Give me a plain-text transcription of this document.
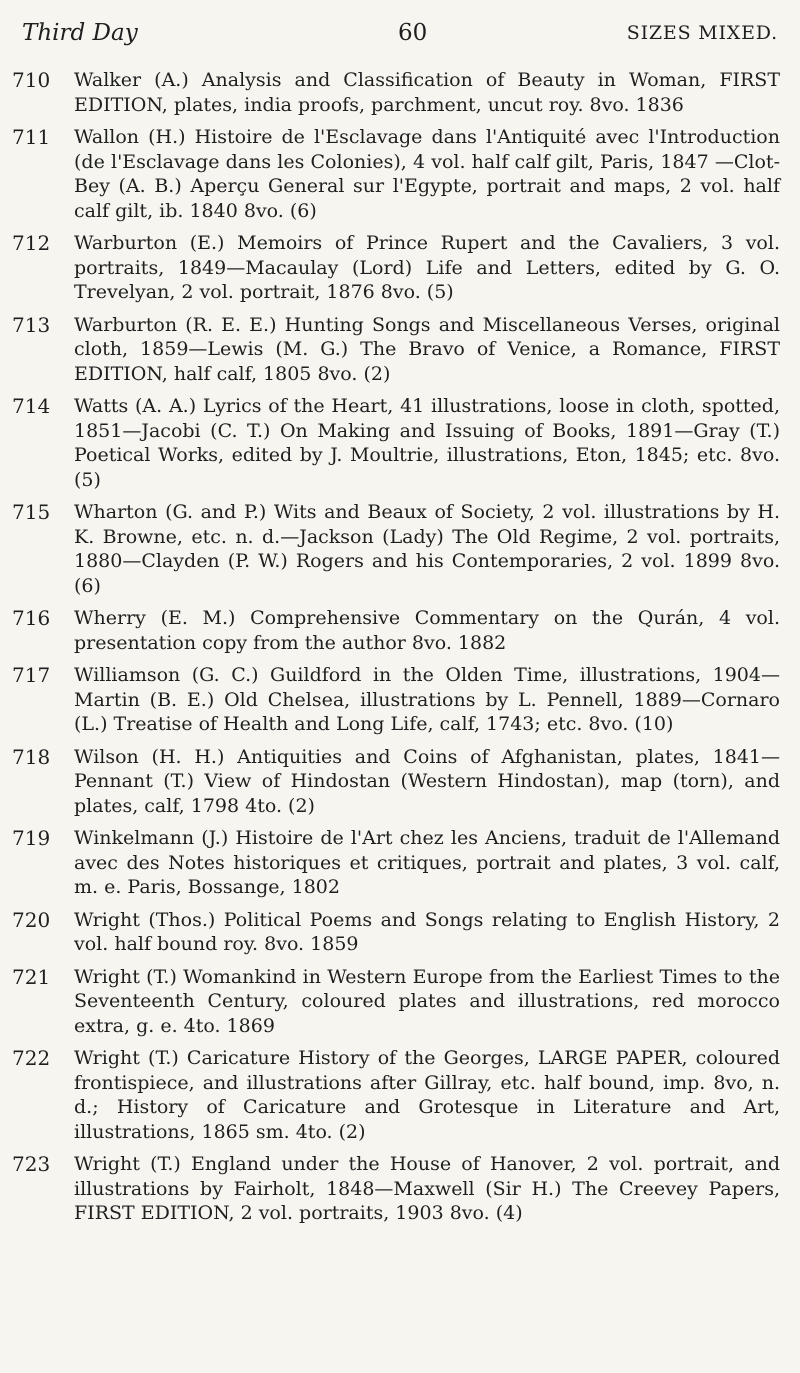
Third Day	60	SIZES MIXED.
710 Walker (A.) Analysis and Classification of Beauty in Woman, FIRST EDITION, plates, india proofs, parchment, uncut roy. 8vo. 1836
711 Wallon (H.) Histoire de l'Esclavage dans l'Antiquité avec l'Introduction (de l'Esclavage dans les Colonies), 4 vol. half calf gilt, Paris, 1847 —Clot-Bey (A. B.) Aperçu General sur l'Egypte, portrait and maps, 2 vol. half calf gilt, ib. 1840 8vo. (6)
712 Warburton (E.) Memoirs of Prince Rupert and the Cavaliers, 3 vol. portraits, 1849—Macaulay (Lord) Life and Letters, edited by G. O. Trevelyan, 2 vol. portrait, 1876 8vo. (5)
713 Warburton (R. E. E.) Hunting Songs and Miscellaneous Verses, original cloth, 1859—Lewis (M. G.) The Bravo of Venice, a Romance, FIRST EDITION, half calf, 1805 8vo. (2)
714 Watts (A. A.) Lyrics of the Heart, 41 illustrations, loose in cloth, spotted, 1851—Jacobi (C. T.) On Making and Issuing of Books, 1891—Gray (T.) Poetical Works, edited by J. Moultrie, illustrations, Eton, 1845; etc. 8vo. (5)
715 Wharton (G. and P.) Wits and Beaux of Society, 2 vol. illustrations by H. K. Browne, etc. n. d.—Jackson (Lady) The Old Regime, 2 vol. portraits, 1880—Clayden (P. W.) Rogers and his Contemporaries, 2 vol. 1899 8vo. (6)
716 Wherry (E. M.) Comprehensive Commentary on the Qurán, 4 vol. presentation copy from the author 8vo. 1882
717 Williamson (G. C.) Guildford in the Olden Time, illustrations, 1904—Martin (B. E.) Old Chelsea, illustrations by L. Pennell, 1889—Cornaro (L.) Treatise of Health and Long Life, calf, 1743; etc. 8vo. (10)
718 Wilson (H. H.) Antiquities and Coins of Afghanistan, plates, 1841—Pennant (T.) View of Hindostan (Western Hindostan), map (torn), and plates, calf, 1798 4to. (2)
719 Winkelmann (J.) Histoire de l'Art chez les Anciens, traduit de l'Allemand avec des Notes historiques et critiques, portrait and plates, 3 vol. calf, m. e. Paris, Bossange, 1802
720 Wright (Thos.) Political Poems and Songs relating to English History, 2 vol. half bound roy. 8vo. 1859
721 Wright (T.) Womankind in Western Europe from the Earliest Times to the Seventeenth Century, coloured plates and illustrations, red morocco extra, g. e. 4to. 1869
722 Wright (T.) Caricature History of the Georges, LARGE PAPER, coloured frontispiece, and illustrations after Gillray, etc. half bound, imp. 8vo, n. d.; History of Caricature and Grotesque in Literature and Art, illustrations, 1865 sm. 4to. (2)
723 Wright (T.) England under the House of Hanover, 2 vol. portrait, and illustrations by Fairholt, 1848—Maxwell (Sir H.) The Creevey Papers, FIRST EDITION, 2 vol. portraits, 1903 8vo. (4)
